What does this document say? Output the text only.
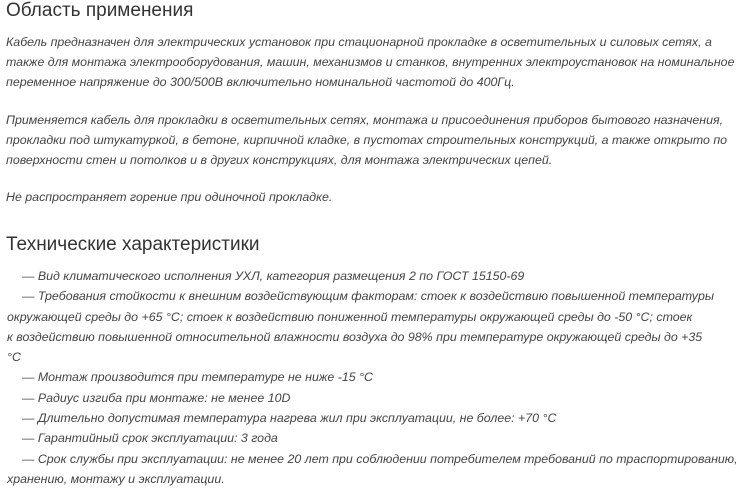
Область применения
Кабель предназначен для электрических установок при стационарной прокладке в осветительных и силовых сетях, а
также для монтажа электрооборудования, машин, механизмов и станков, внутренних электроустановок на номинальное
переменное напряжение до 300/500В включительно номинальной частотой до 400Гц.
Применяется кабель для прокладки в осветительных сетях, монтажа и присоединения приборов бытового назначения,
прокладки под штукатуркой, в бетоне, кирпичной кладке, в пустотах строительных конструкций, а также открыто по
поверхности стен и потолков и в других конструкциях, для монтажа электрических цепей.
Не распространяет горение при одиночной прокладке.
Технические характеристики
— Вид климатического исполнения УХЛ, категория размещения 2 по ГОСТ 15150-69
— Требования стойкости к внешним воздействующим факторам: стоек к воздействию повышенной температуры
окружающей среды до +65 °С; стоек к воздействию пониженной температуры окружающей среды до -50 °С; стоек
к воздействию повышенной относительной влажности воздуха до 98% при температуре окружающей среды до +35
°С
— Монтаж производится при температуре не ниже -15 °С
— Радиус изгиба при монтаже: не менее 10D
— Длительно допустимая температура нагрева жил при эксплуатации, не более: +70 °С
— Гарантийный срок эксплуатации: 3 года
— Срок службы при эксплуатации: не менее 20 лет при соблюдении потребителем требований по траспортированию,
хранению, монтажу и эксплуатации.
